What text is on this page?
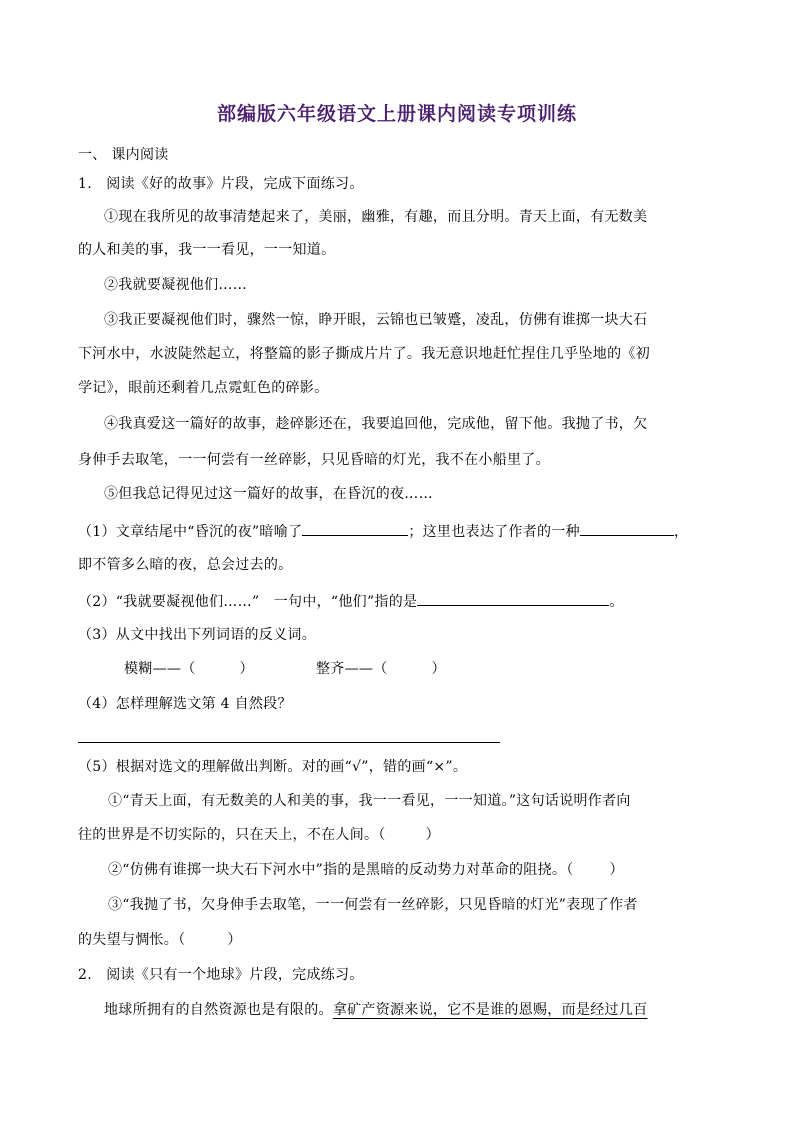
部编版六年级语文上册课内阅读专项训练
一、 课内阅读
1.　阅读《好的故事》片段，完成下面练习。
①现在我所见的故事清楚起来了，美丽，幽雅，有趣，而且分明。青天上面，有无数美
的人和美的事，我一一看见，一一知道。
②我就要凝视他们……
③我正要凝视他们时，骤然一惊，睁开眼，云锦也已皱蹙，凌乱，仿佛有谁掷一块大石
下河水中，水波陡然起立，将整篇的影子撕成片片了。我无意识地赶忙捏住几乎坠地的《初
学记》，眼前还剩着几点霓虹色的碎影。
④我真爱这一篇好的故事，趁碎影还在，我要追回他，完成他，留下他。我抛了书，欠
身伸手去取笔，一一何尝有一丝碎影，只见昏暗的灯光，我不在小船里了。
⑤但我总记得见过这一篇好的故事，在昏沉的夜……
（1）文章结尾中“昏沉的夜”暗喻了	；这里也表达了作者的一种	，
即不管多么暗的夜，总会过去的。
（2）“我就要凝视他们……”　一句中，“他们”指的是	。
（3）从文中找出下列词语的反义词。
模糊——（	）	整齐——（	）
（4）怎样理解选文第 4 自然段？
（5）根据对选文的理解做出判断。对的画“√”，错的画“×”。
①“青天上面，有无数美的人和美的事，我一一看见，一一知道。”这句话说明作者向
往的世界是不切实际的，只在天上，不在人间。（	）
②“仿佛有谁掷一块大石下河水中”指的是黑暗的反动势力对革命的阻挠。（	）
③“我抛了书，欠身伸手去取笔，一一何尝有一丝碎影，只见昏暗的灯光”表现了作者
的失望与惆怅。（	）
2.　阅读《只有一个地球》片段，完成练习。
地球所拥有的自然资源也是有限的。拿矿产资源来说，它不是谁的恩赐，而是经过几百
